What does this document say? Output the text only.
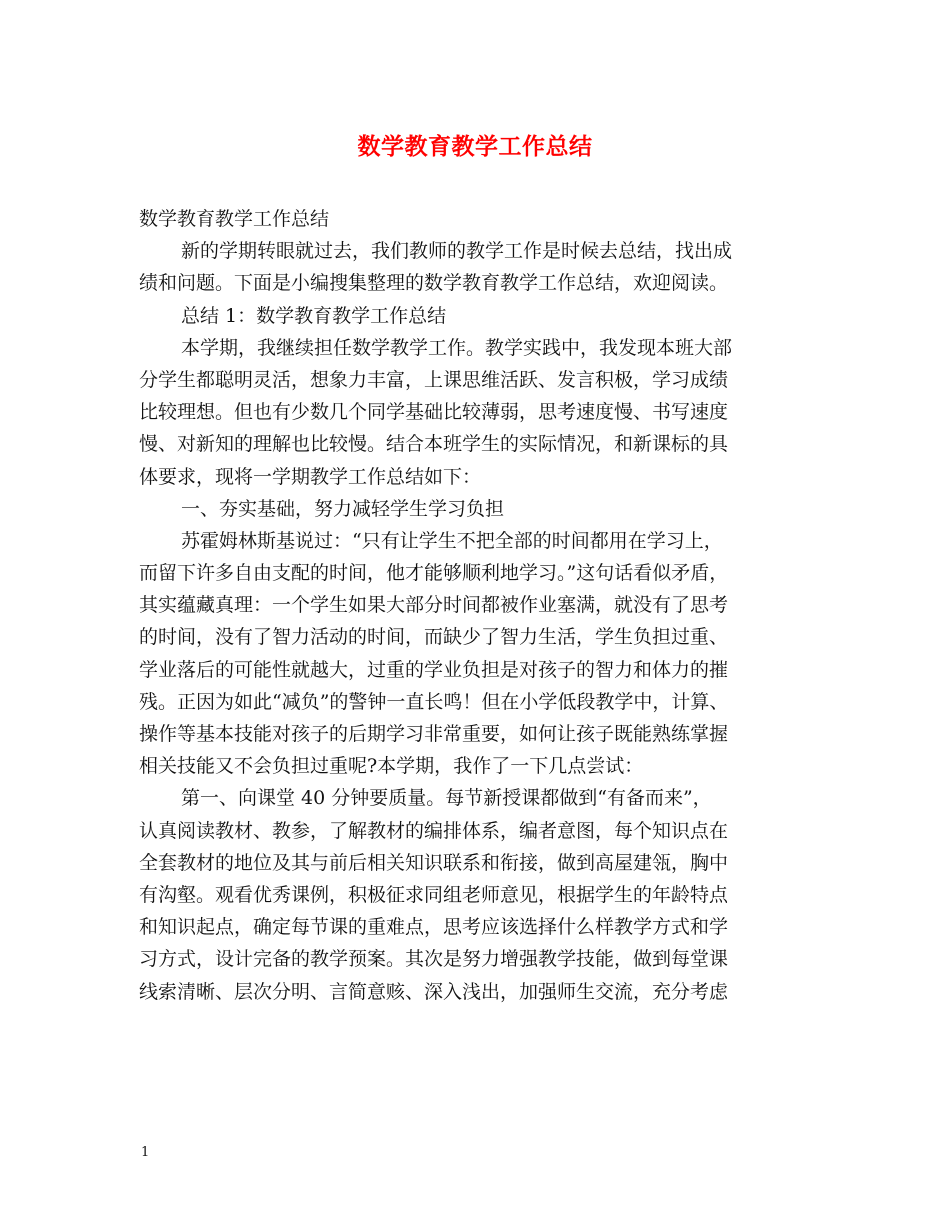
数学教育教学工作总结
数学教育教学工作总结
新的学期转眼就过去，我们教师的教学工作是时候去总结，找出成
绩和问题。下面是小编搜集整理的数学教育教学工作总结，欢迎阅读。
总结 1：数学教育教学工作总结
本学期，我继续担任数学教学工作。教学实践中，我发现本班大部
分学生都聪明灵活，想象力丰富，上课思维活跃、发言积极，学习成绩
比较理想。但也有少数几个同学基础比较薄弱，思考速度慢、书写速度
慢、对新知的理解也比较慢。结合本班学生的实际情况，和新课标的具
体要求，现将一学期教学工作总结如下：
一、夯实基础，努力减轻学生学习负担
苏霍姆林斯基说过：“只有让学生不把全部的时间都用在学习上，
而留下许多自由支配的时间，他才能够顺利地学习。”这句话看似矛盾，
其实蕴藏真理：一个学生如果大部分时间都被作业塞满，就没有了思考
的时间，没有了智力活动的时间，而缺少了智力生活，学生负担过重、
学业落后的可能性就越大，过重的学业负担是对孩子的智力和体力的摧
残。正因为如此“减负”的警钟一直长鸣！但在小学低段教学中，计算、
操作等基本技能对孩子的后期学习非常重要，如何让孩子既能熟练掌握
相关技能又不会负担过重呢?本学期，我作了一下几点尝试：
第一、向课堂 40 分钟要质量。每节新授课都做到“有备而来”，
认真阅读教材、教参，了解教材的编排体系，编者意图，每个知识点在
全套教材的地位及其与前后相关知识联系和衔接，做到高屋建瓴，胸中
有沟壑。观看优秀课例，积极征求同组老师意见，根据学生的年龄特点
和知识起点，确定每节课的重难点，思考应该选择什么样教学方式和学
习方式，设计完备的教学预案。其次是努力增强教学技能，做到每堂课
线索清晰、层次分明、言简意赅、深入浅出，加强师生交流，充分考虑
1
